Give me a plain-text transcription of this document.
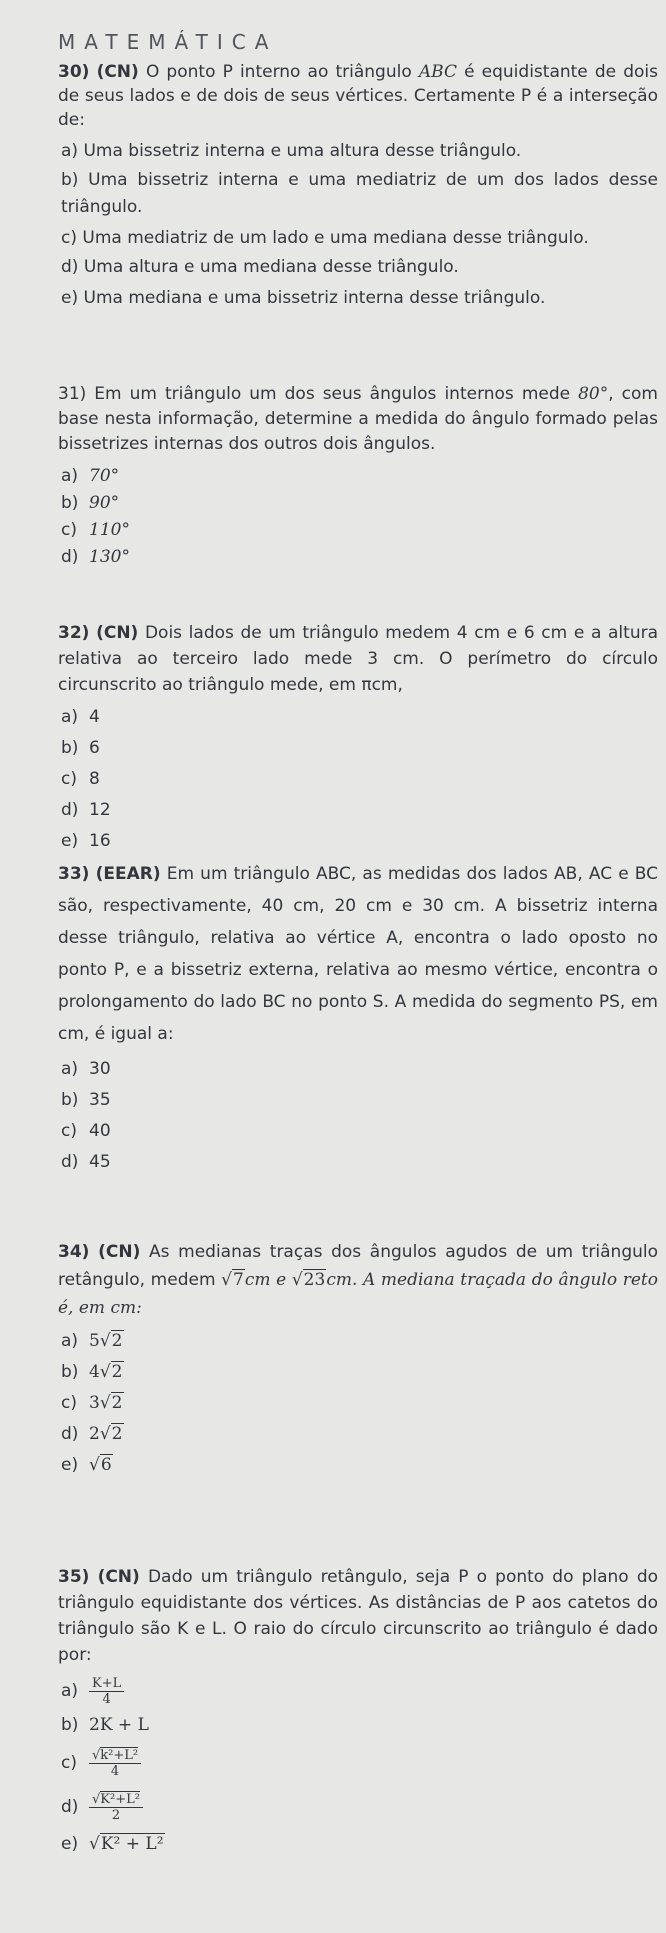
MATEMÁTICA

30) (CN) O ponto P interno ao triângulo ABC é equidistante de dois de seus lados e de dois de seus vértices. Certamente P é a interseção de:

a) Uma bissetriz interna e uma altura desse triângulo.
b) Uma bissetriz interna e uma mediatriz de um dos lados desse triângulo.
c) Uma mediatriz de um lado e uma mediana desse triângulo.
d) Uma altura e uma mediana desse triângulo.
e) Uma mediana e uma bissetriz interna desse triângulo.

31) Em um triângulo um dos seus ângulos internos mede 80°, com base nesta informação, determine a medida do ângulo formado pelas bissetrizes internas dos outros dois ângulos.

a) 70°
b) 90°
c) 110°
d) 130°

32) (CN) Dois lados de um triângulo medem 4 cm e 6 cm e a altura relativa ao terceiro lado mede 3 cm. O perímetro do círculo circunscrito ao triângulo mede, em πcm,

a) 4
b) 6
c) 8
d) 12
e) 16

33) (EEAR) Em um triângulo ABC, as medidas dos lados AB, AC e BC são, respectivamente, 40 cm, 20 cm e 30 cm. A bissetriz interna desse triângulo, relativa ao vértice A, encontra o lado oposto no ponto P, e a bissetriz externa, relativa ao mesmo vértice, encontra o prolongamento do lado BC no ponto S. A medida do segmento PS, em cm, é igual a:

a) 30
b) 35
c) 40
d) 45

34) (CN) As medianas traças dos ângulos agudos de um triângulo retângulo, medem √7cm e √23cm. A mediana traçada do ângulo reto é, em cm:

a) 5√2
b) 4√2
c) 3√2
d) 2√2
e) √6

35) (CN) Dado um triângulo retângulo, seja P o ponto do plano do triângulo equidistante dos vértices. As distâncias de P aos catetos do triângulo são K e L. O raio do círculo circunscrito ao triângulo é dado por:

$a) \frac{K+L}{4}$
b) 2K + L
$c) \frac{\text{√k²+L²}}{4}$
$d) \frac{\text{√K²+L²}}{2}$
e) √K² + L²
